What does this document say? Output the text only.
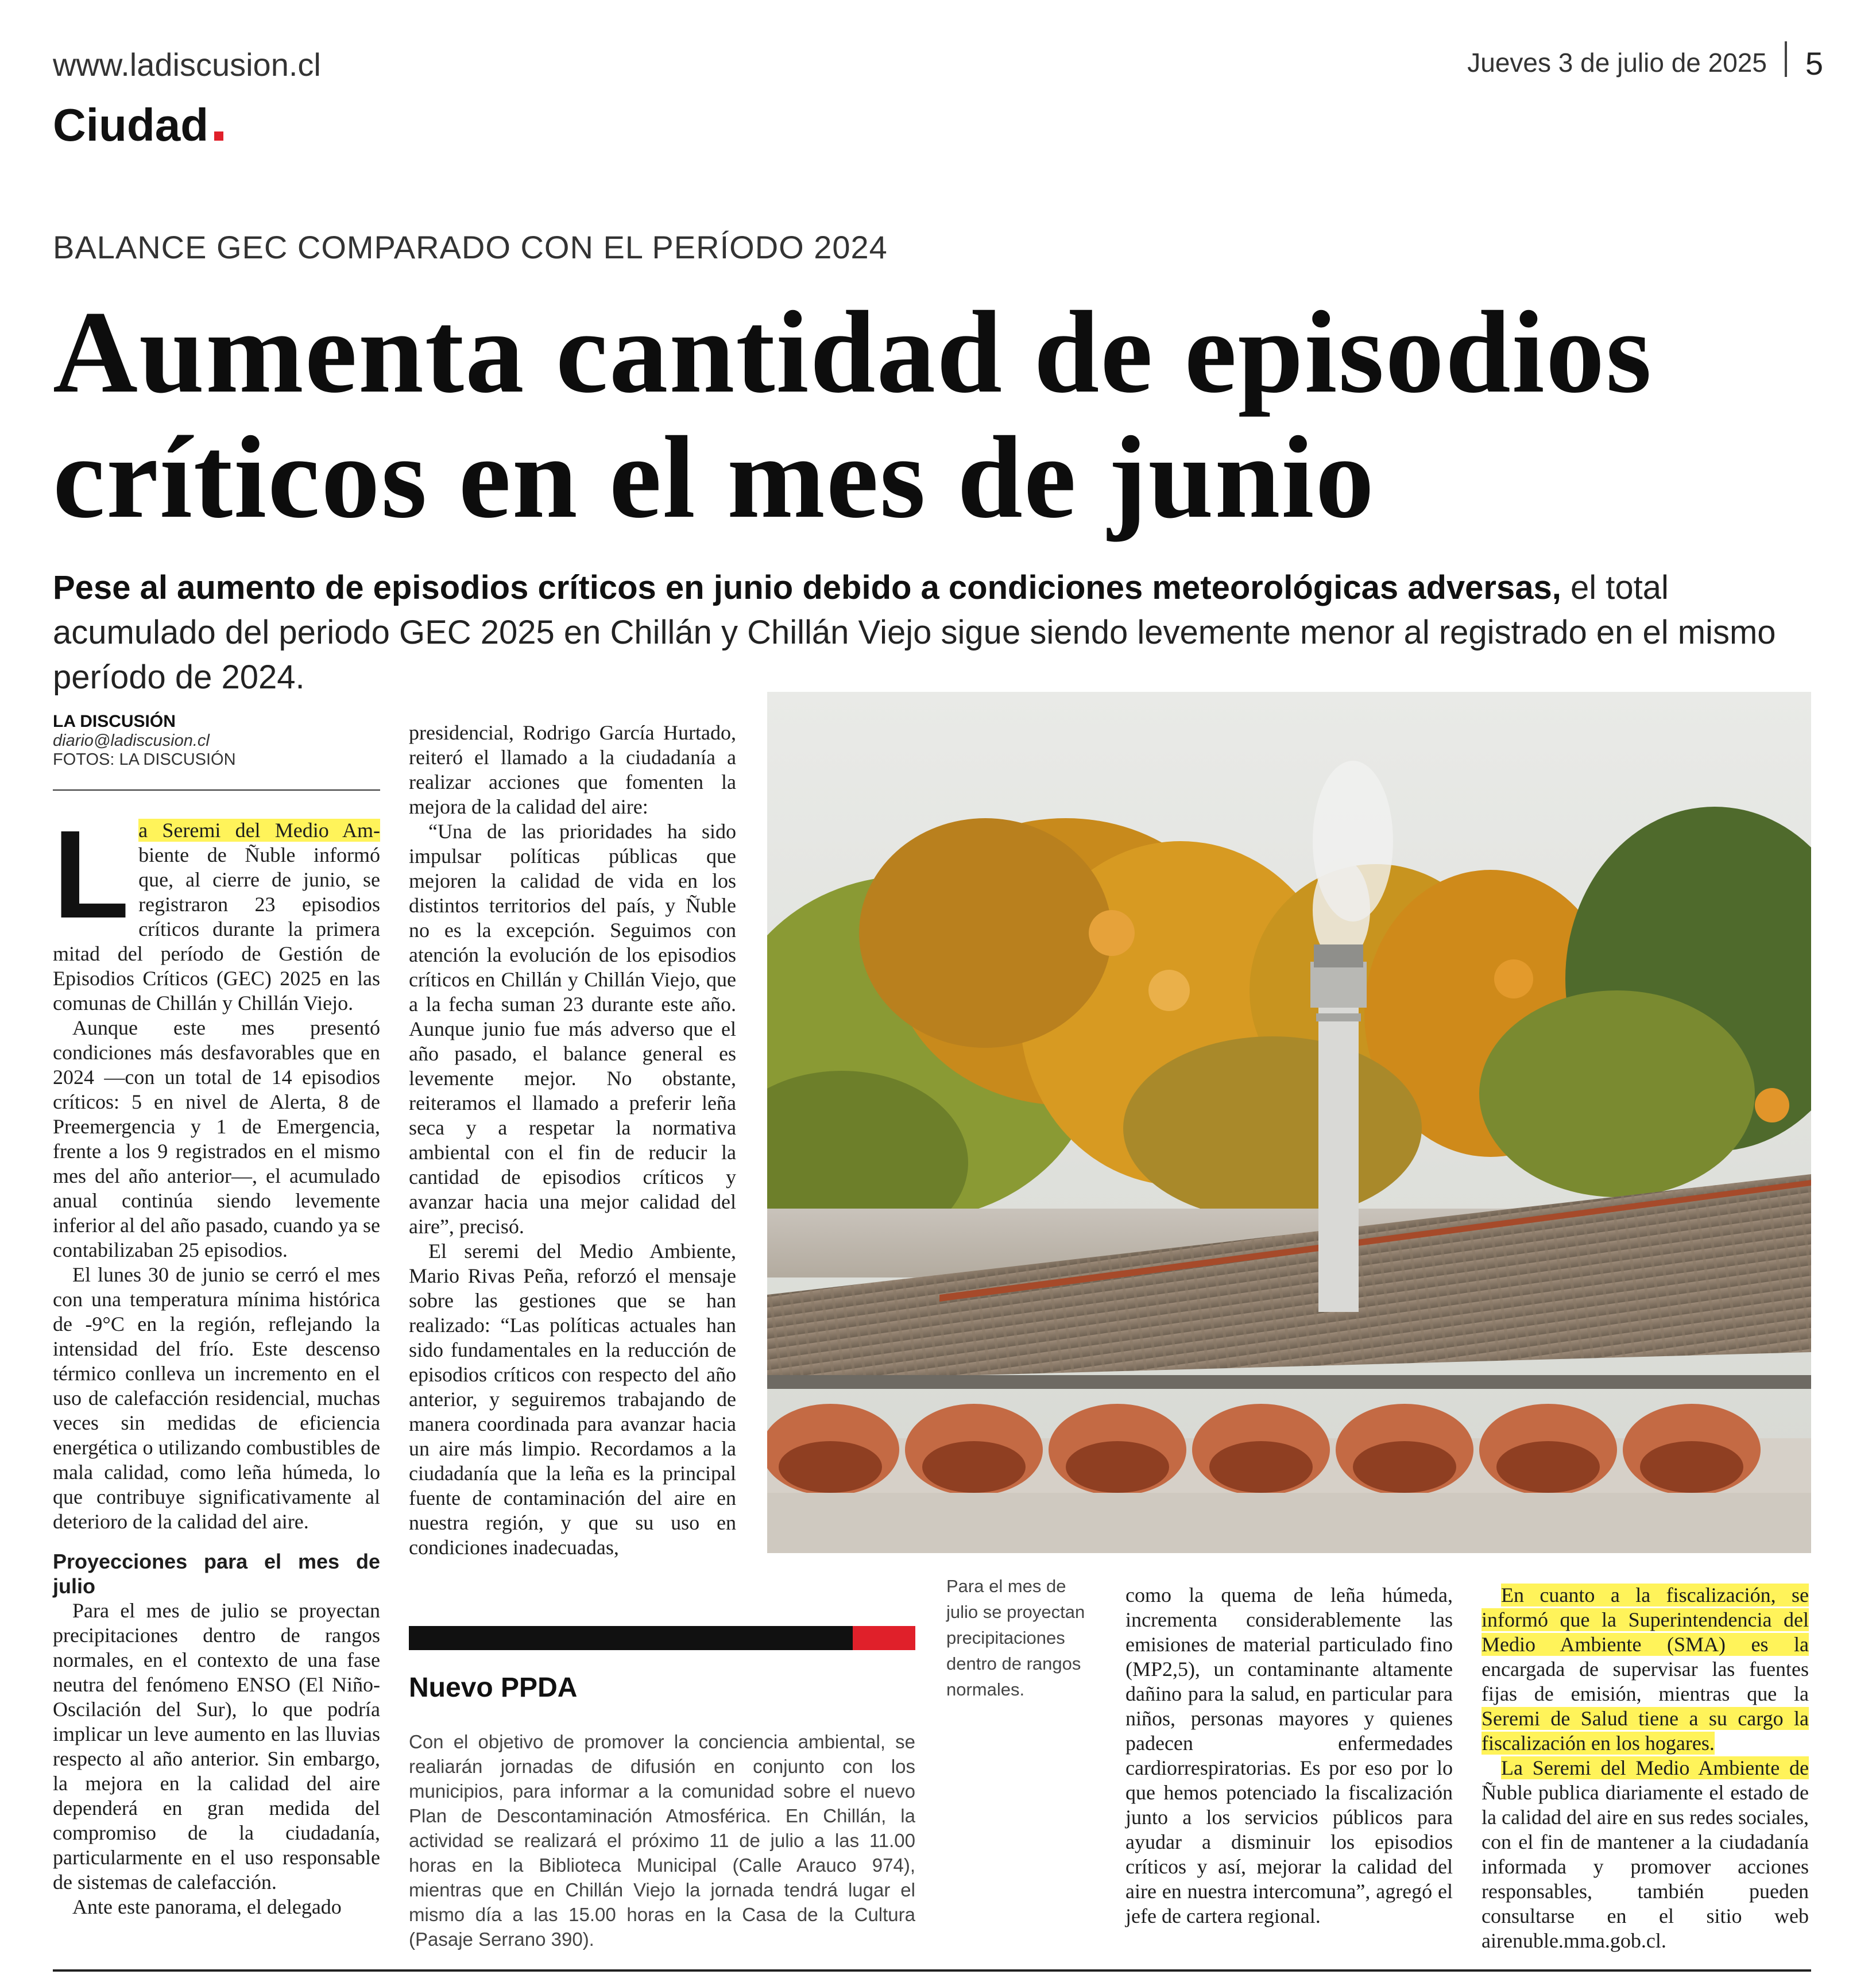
www.ladiscusion.cl	Jueves 3 de julio de 2025 5
Ciudad
BALANCE GEC COMPARADO CON EL PERÍODO 2024
Aumenta cantidad de episodios
críticos en el mes de junio
Pese al aumento de episodios críticos en junio debido a condiciones meteorológicas adversas, el total acumulado del periodo GEC 2025 en Chillán y Chillán Viejo sigue siendo levemente menor al registrado en el mismo período de 2024.
LA DISCUSIÓN
diario@ladiscusion.cl
FOTOS: LA DISCUSIÓN

La Seremi del Medio Am- biente de Ñuble informó que, al cierre de junio, se registraron 23 episodios críticos durante la primera mitad del período de Gestión de Episodios Críticos (GEC) 2025 en las comunas de Chillán y Chillán Viejo.

Aunque este mes presentó condiciones más desfavorables que en 2024 —con un total de 14 episodios críticos: 5 en nivel de Alerta, 8 de Preemergencia y 1 de Emergencia, frente a los 9 registrados en el mismo mes del año anterior—, el acumulado anual continúa siendo levemente inferior al del año pasado, cuando ya se contabilizaban 25 episodios.

El lunes 30 de junio se cerró el mes con una temperatura mínima histórica de -9°C en la región, reflejando la intensidad del frío. Este descenso térmico conlleva un incremento en el uso de calefacción residencial, muchas veces sin medidas de eficiencia energética o utilizando combustibles de mala calidad, como leña húmeda, lo que contribuye significativamente al deterioro de la calidad del aire.

Proyecciones para el mes de julio

Para el mes de julio se proyectan precipitaciones dentro de rangos normales, en el contexto de una fase neutra del fenómeno ENSO (El Niño-Oscilación del Sur), lo que podría implicar un leve aumento en las lluvias respecto al año anterior. Sin embargo, la mejora en la calidad del aire dependerá en gran medida del compromiso de la ciudadanía, particularmente en el uso responsable de sistemas de calefacción.

Ante este panorama, el delegado

presidencial, Rodrigo García Hurtado, reiteró el llamado a la ciudadanía a realizar acciones que fomenten la mejora de la calidad del aire:

“Una de las prioridades ha sido impulsar políticas públicas que mejoren la calidad de vida en los distintos territorios del país, y Ñuble no es la excepción. Seguimos con atención la evolución de los episodios críticos en Chillán y Chillán Viejo, que a la fecha suman 23 durante este año. Aunque junio fue más adverso que el año pasado, el balance general es levemente mejor. No obstante, reiteramos el llamado a preferir leña seca y a respetar la normativa ambiental con el fin de reducir la cantidad de episodios críticos y avanzar hacia una mejor calidad del aire”, precisó.

El seremi del Medio Ambiente, Mario Rivas Peña, reforzó el mensaje sobre las gestiones que se han realizado: “Las políticas actuales han sido fundamentales en la reducción de episodios críticos con respecto del año anterior, y seguiremos trabajando de manera coordinada para avanzar hacia un aire más limpio. Recordamos a la ciudadanía que la leña es la principal fuente de contaminación del aire en nuestra región, y que su uso en condiciones inadecuadas,

Para el mes de julio se proyectan precipitaciones dentro de rangos normales.
Nuevo PPDA
Con el objetivo de promover la conciencia ambiental, se realiarán jornadas de difusión en conjunto con los municipios, para informar a la comunidad sobre el nuevo Plan de Descontaminación Atmosférica. En Chillán, la actividad se realizará el próximo 11 de julio a las 11.00 horas en la Biblioteca Municipal (Calle Arauco 974), mientras que en Chillán Viejo la jornada tendrá lugar el mismo día a las 15.00 horas en la Casa de la Cultura (Pasaje Serrano 390).

como la quema de leña húmeda, incrementa considerablemente las emisiones de material particulado fino (MP2,5), un contaminante altamente dañino para la salud, en particular para niños, personas mayores y quienes padecen enfermedades cardiorrespiratorias. Es por eso por lo que hemos potenciado la fiscalización junto a los servicios públicos para ayudar a disminuir los episodios críticos y así, mejorar la calidad del aire en nuestra intercomuna”, agregó el jefe de cartera regional.

En cuanto a la fiscalización, se informó que la Superintendencia del Medio Ambiente (SMA) es la encargada de supervisar las fuentes fijas de emisión, mientras que la Seremi de Salud tiene a su cargo la fiscalización en los hogares.

La Seremi del Medio Ambiente de Ñuble publica diariamente el estado de la calidad del aire en sus redes sociales, con el fin de mantener a la ciudadanía informada y promover acciones responsables, también pueden consultarse en el sitio web airenuble.mma.gob.cl.
